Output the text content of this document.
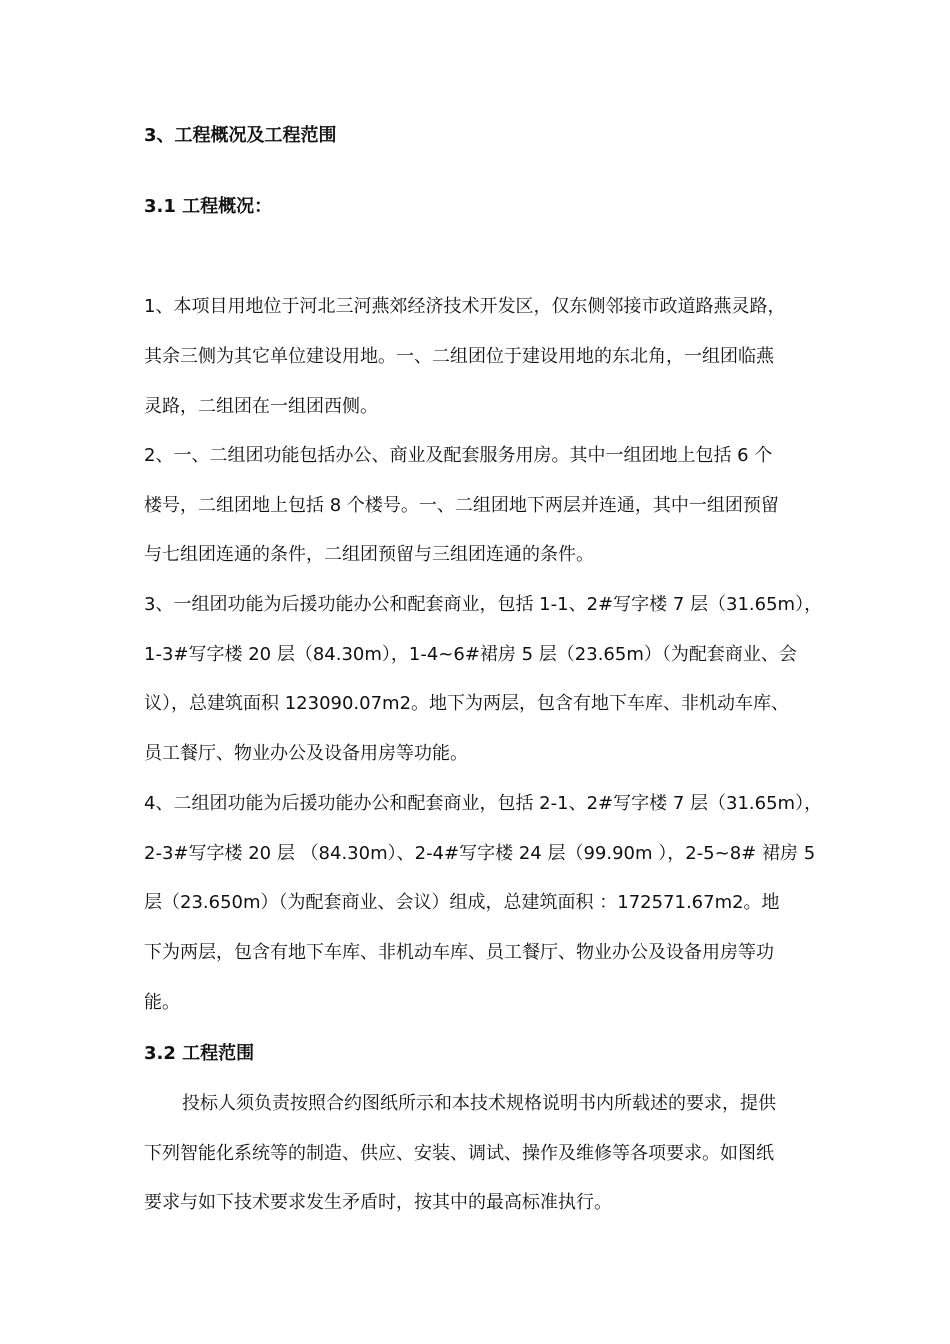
3、工程概况及工程范围
3.1 工程概况：
1、本项目用地位于河北三河燕郊经济技术开发区，仅东侧邻接市政道路燕灵路，
其余三侧为其它单位建设用地。一、二组团位于建设用地的东北角，一组团临燕
灵路，二组团在一组团西侧。
2、一、二组团功能包括办公、商业及配套服务用房。其中一组团地上包括 6 个
楼号，二组团地上包括 8 个楼号。一、二组团地下两层并连通，其中一组团预留
与七组团连通的条件，二组团预留与三组团连通的条件。
3、一组团功能为后援功能办公和配套商业，包括 1-1、2#写字楼 7 层（31.65m），
1-3#写字楼 20 层（84.30m），1-4~6#裙房 5 层（23.65m）（为配套商业、会
议），总建筑面积 123090.07m2。地下为两层，包含有地下车库、非机动车库、
员工餐厅、物业办公及设备用房等功能。
4、二组团功能为后援功能办公和配套商业，包括 2-1、2#写字楼 7 层（31.65m），
2-3#写字楼 20 层 （84.30m）、2-4#写字楼 24 层（99.90m ），2-5~8# 裙房 5
层（23.650m）（为配套商业、会议）组成，总建筑面积 ：172571.67m2。地
下为两层，包含有地下车库、非机动车库、员工餐厅、物业办公及设备用房等功
能。
3.2 工程范围
投标人须负责按照合约图纸所示和本技术规格说明书内所载述的要求，提供
下列智能化系统等的制造、供应、安装、调试、操作及维修等各项要求。如图纸
要求与如下技术要求发生矛盾时，按其中的最高标准执行。
